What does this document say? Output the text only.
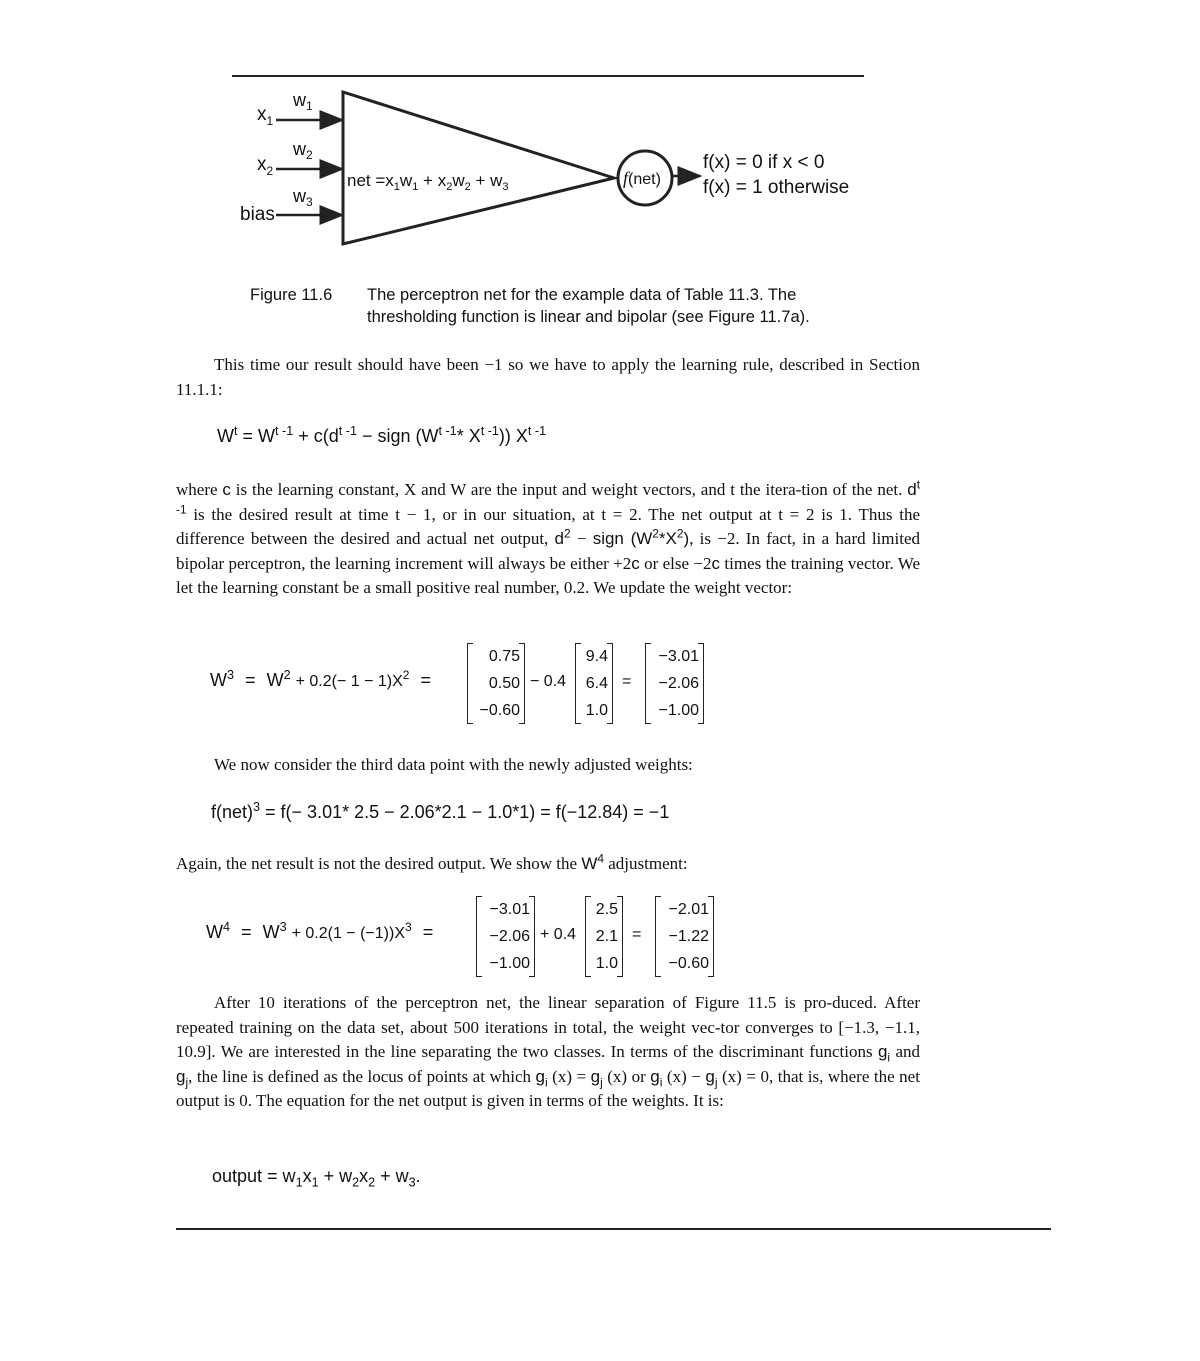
$x_1$
$x_2$
bias
$w_1$
$w_2$
$w_3$
net $=x_1w_1 + x_2w_2 + w_3$	f(net)
f(x) = 0 if x < 0
f(x) = 1 otherwise
Figure 11.6 The perceptron net for the example data of Table 11.3. The thresholding function is linear and bipolar (see Figure 11.7a).
This time our result should have been −1 so we have to apply the learning rule, described in Section 11.1.1:
$W^t = W^{t -1} + c(d^{t -1}$ − sign ($W^{t -1}*$ $X^{t -1}$)) $X^{t -1}$
where c is the learning constant, X and W are the input and weight vectors, and t the itera-tion of the net. $d^{t -1}$ is the desired result at time t − 1, or in our situation, at t = 2. The net output at t = 2 is 1. Thus the difference between the desired and actual net output, $d^2$ − sign $(W^2*X^2)$, is −2. In fact, in a hard limited bipolar perceptron, the learning increment will always be either +2c or else −2c times the training vector. We let the learning constant be a small positive real number, 0.2. We update the weight vector:
$W^3 = W^2 + 0.2(- 1 - 1)X^2$ =
0.75
0.50
−0.60
− 0.4
9.4
6.4
1.0
=
−3.01
−2.06
−1.00
We now consider the third data point with the newly adjusted weights:
f(net)$^3$ = f(− 3.01* 2.5 − 2.06*2.1 − 1.0*1) = f(−12.84) = −1
Again, the net result is not the desired output. We show the $W^4$ adjustment:
$W^4 = W^3 + 0.2(1 - (-1))X^3$ =
−3.01
−2.06
−1.00
+ 0.4
2.5
2.1
1.0
=
−2.01
−1.22
−0.60
After 10 iterations of the perceptron net, the linear separation of Figure 11.5 is pro-duced. After repeated training on the data set, about 500 iterations in total, the weight vec-tor converges to [−1.3, −1.1, 10.9]. We are interested in the line separating the two classes. In terms of the discriminant functions $g_i$ and $g_j$, the line is defined as the locus of points at which $g_i$ $(x) = g_j$ (x) or $g_i$ $(x) - g_j$ (x) = 0, that is, where the net output is 0. The equation for the net output is given in terms of the weights. It is:
output = $w_1x_1 + w_2x_2 + w_3$.
